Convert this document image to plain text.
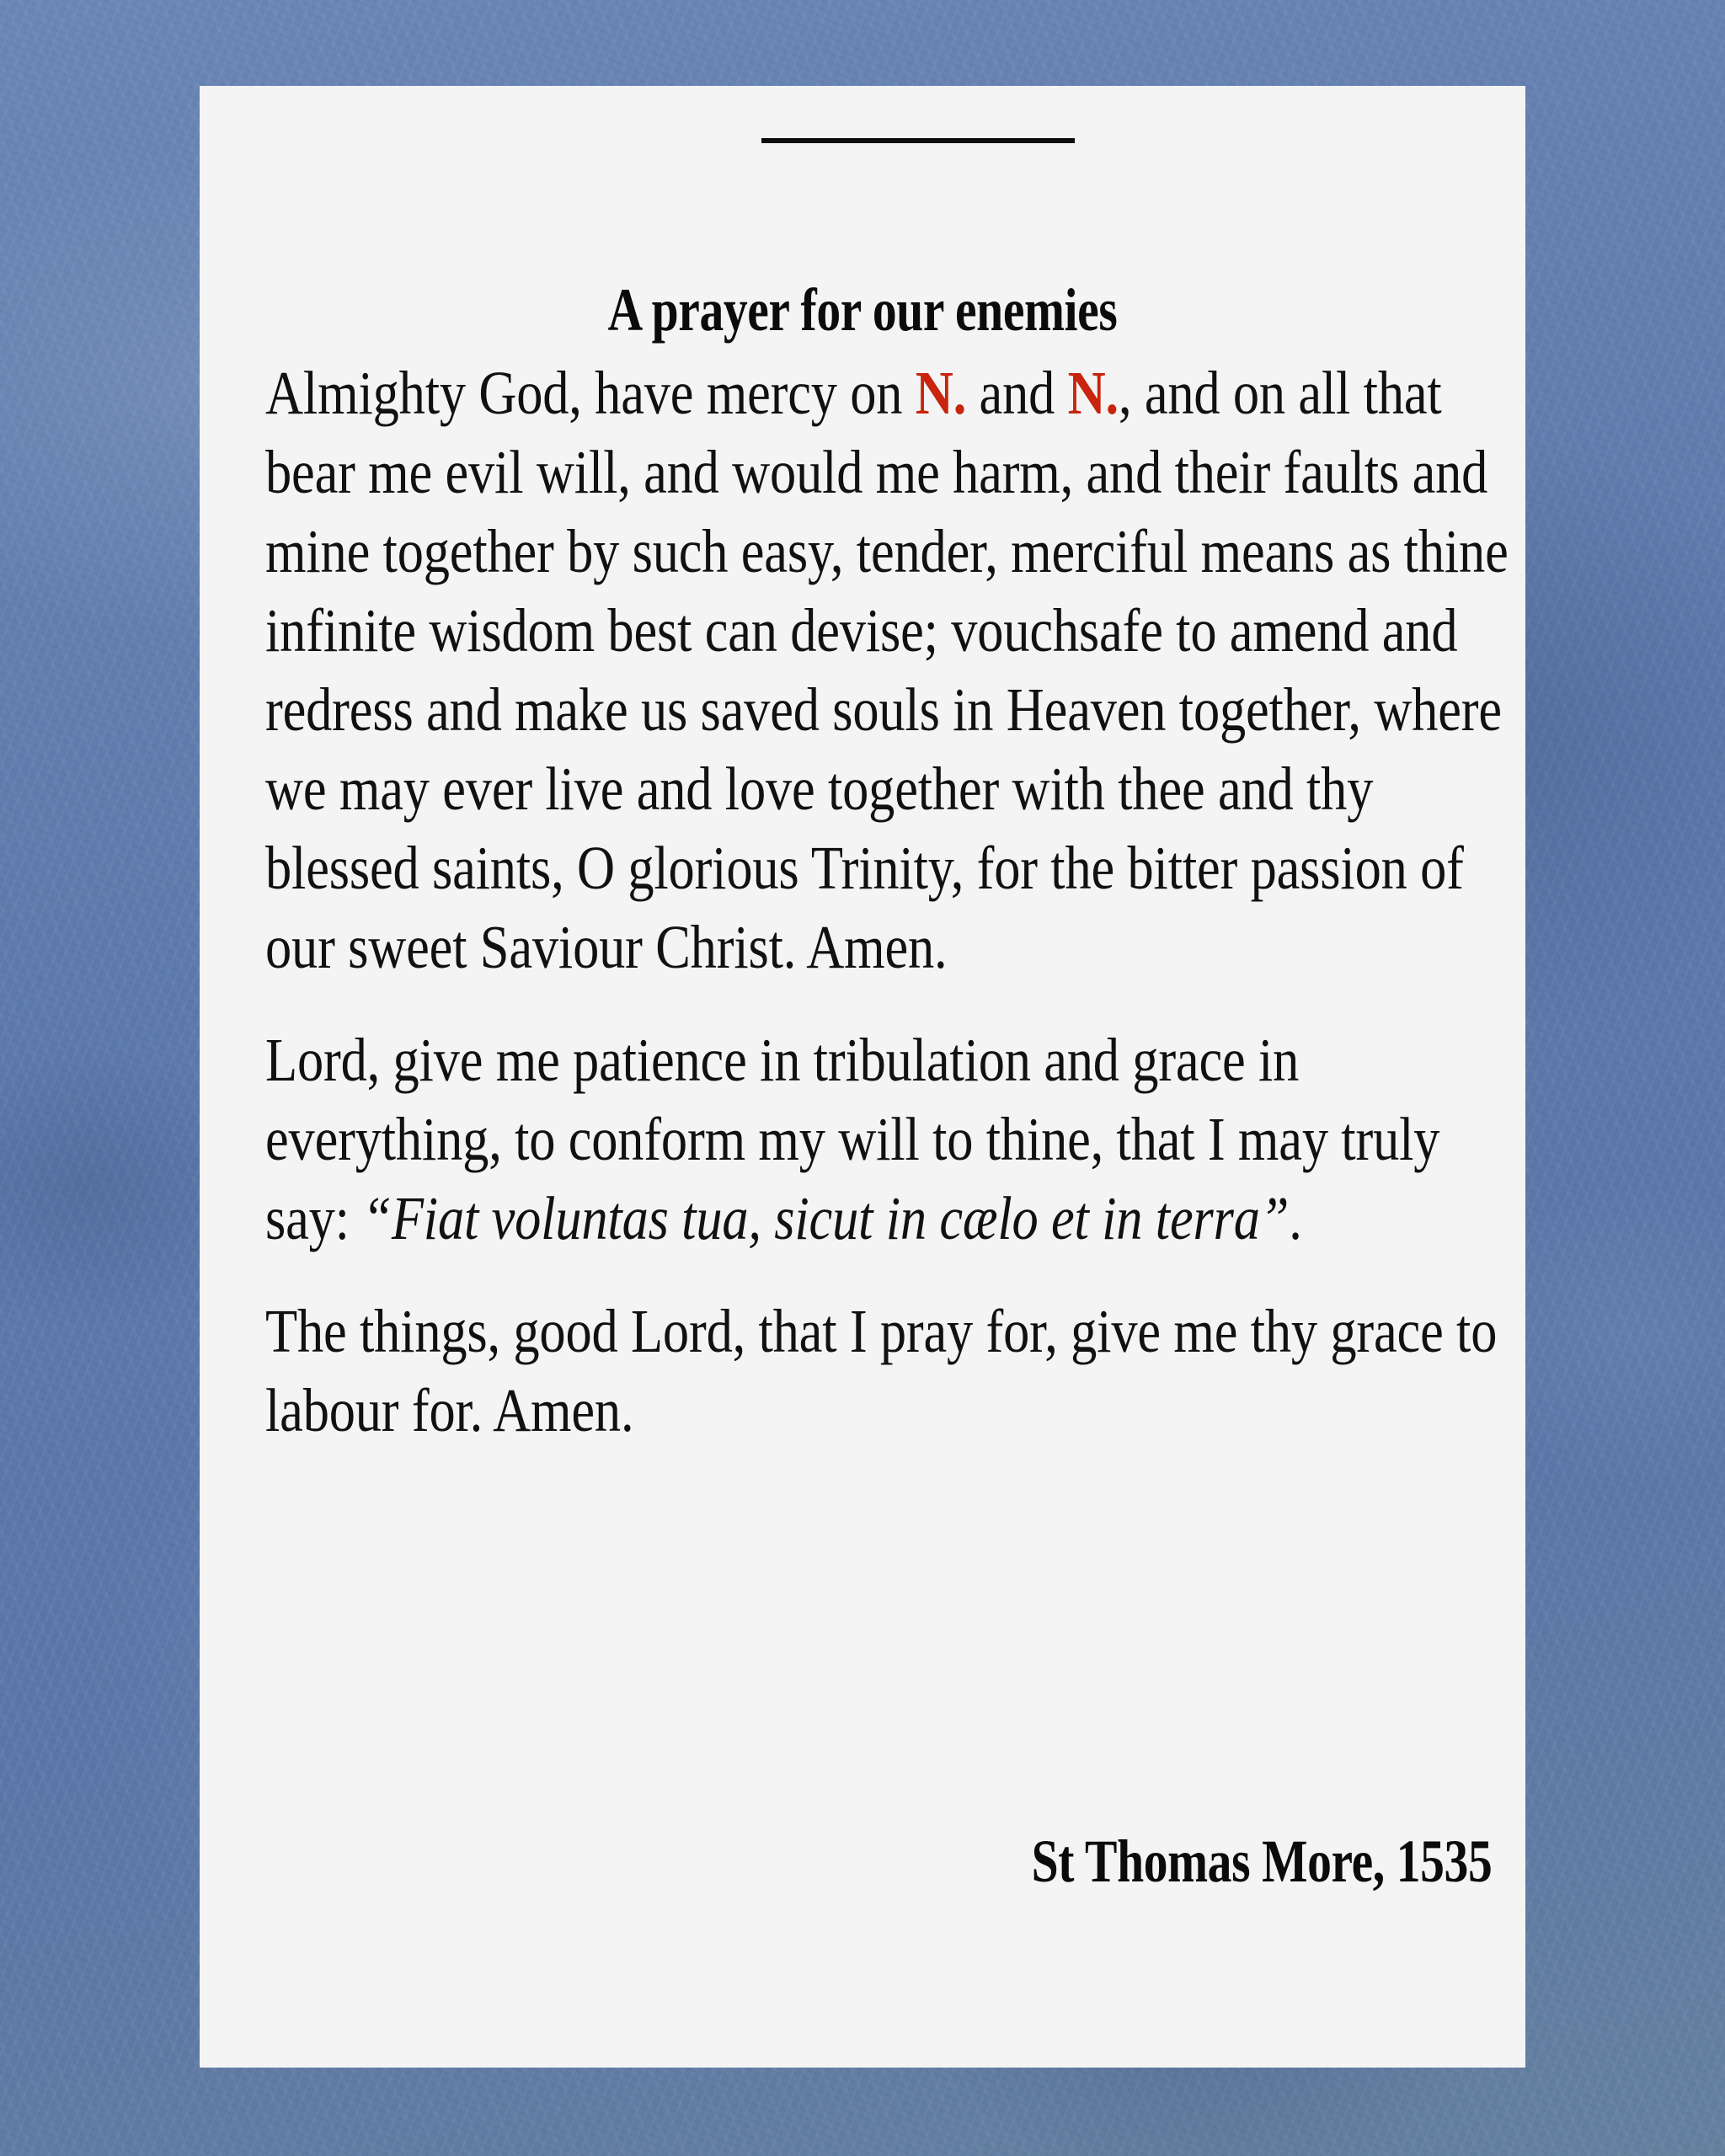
A prayer for our enemies

Almighty God, have mercy on N. and N., and on all that bear me evil will, and would me harm, and their faults and mine together by such easy, tender, merciful means as thine infinite wisdom best can devise; vouchsafe to amend and redress and make us saved souls in Heaven together, where we may ever live and love together with thee and thy blessed saints, O glorious Trinity, for the bitter passion of our sweet Saviour Christ. Amen.

Lord, give me patience in tribulation and grace in everything, to conform my will to thine, that I may truly say: “Fiat voluntas tua, sicut in cælo et in terra”.

The things, good Lord, that I pray for, give me thy grace to labour for. Amen.

St Thomas More, 1535
